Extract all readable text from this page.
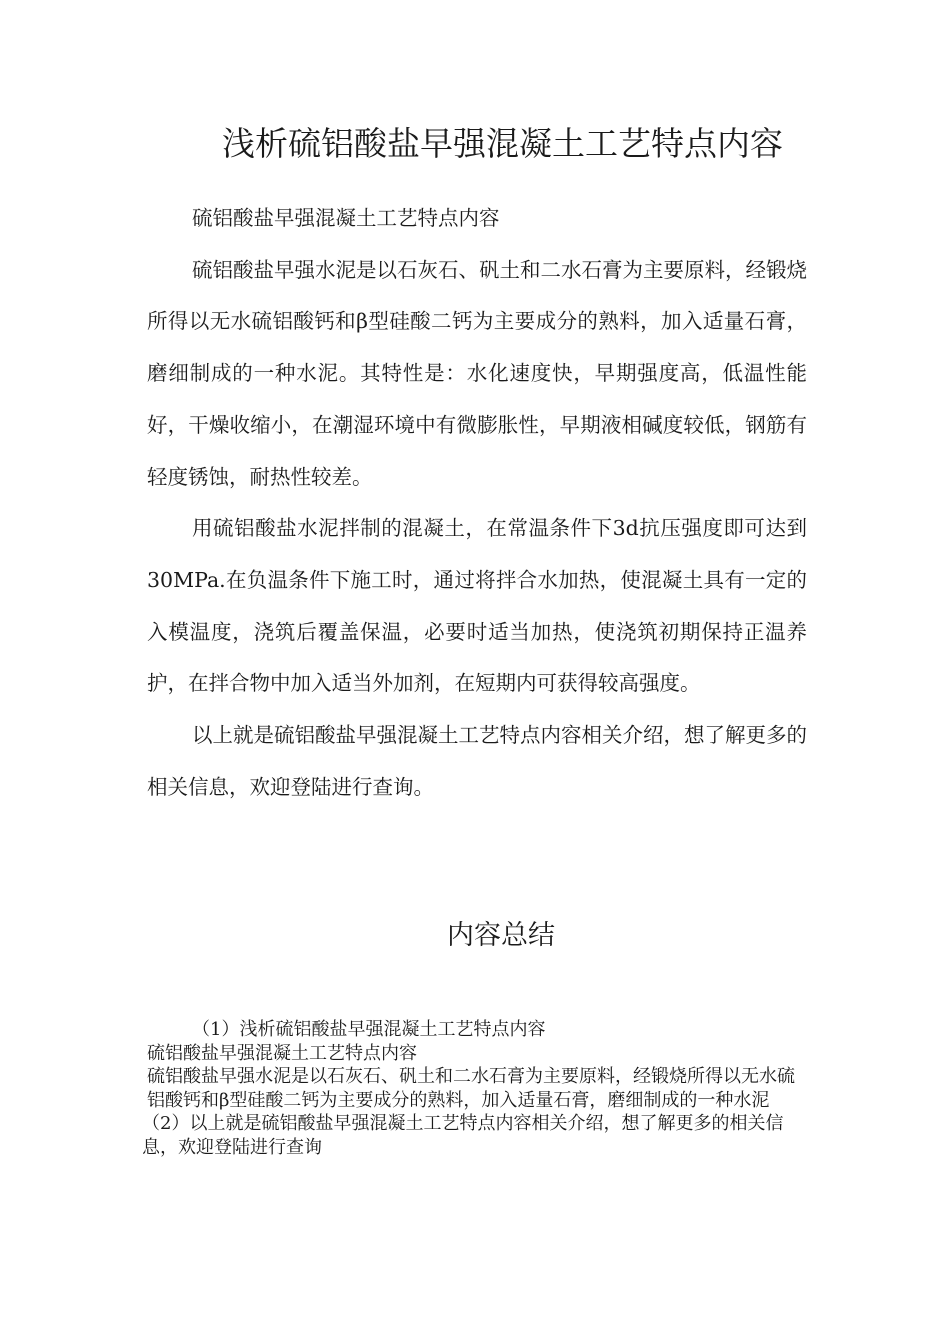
浅析硫铝酸盐早强混凝土工艺特点内容

硫铝酸盐早强混凝土工艺特点内容

硫铝酸盐早强水泥是以石灰石、矾土和二水石膏为主要原料，经锻烧所得以无水硫铝酸钙和β型硅酸二钙为主要成分的熟料，加入适量石膏，磨细制成的一种水泥。其特性是：水化速度快，早期强度高，低温性能好，干燥收缩小，在潮湿环境中有微膨胀性，早期液相碱度较低，钢筋有轻度锈蚀，耐热性较差。

用硫铝酸盐水泥拌制的混凝土，在常温条件下3d抗压强度即可达到30MPa.在负温条件下施工时，通过将拌合水加热，使混凝土具有一定的入模温度，浇筑后覆盖保温，必要时适当加热，使浇筑初期保持正温养护，在拌合物中加入适当外加剂，在短期内可获得较高强度。

以上就是硫铝酸盐早强混凝土工艺特点内容相关介绍，想了解更多的相关信息，欢迎登陆进行查询。

内容总结

（1）浅析硫铝酸盐早强混凝土工艺特点内容

硫铝酸盐早强混凝土工艺特点内容

硫铝酸盐早强水泥是以石灰石、矾土和二水石膏为主要原料，经锻烧所得以无水硫铝酸钙和β型硅酸二钙为主要成分的熟料，加入适量石膏，磨细制成的一种水泥

（2）以上就是硫铝酸盐早强混凝土工艺特点内容相关介绍，想了解更多的相关信息，欢迎登陆进行查询
